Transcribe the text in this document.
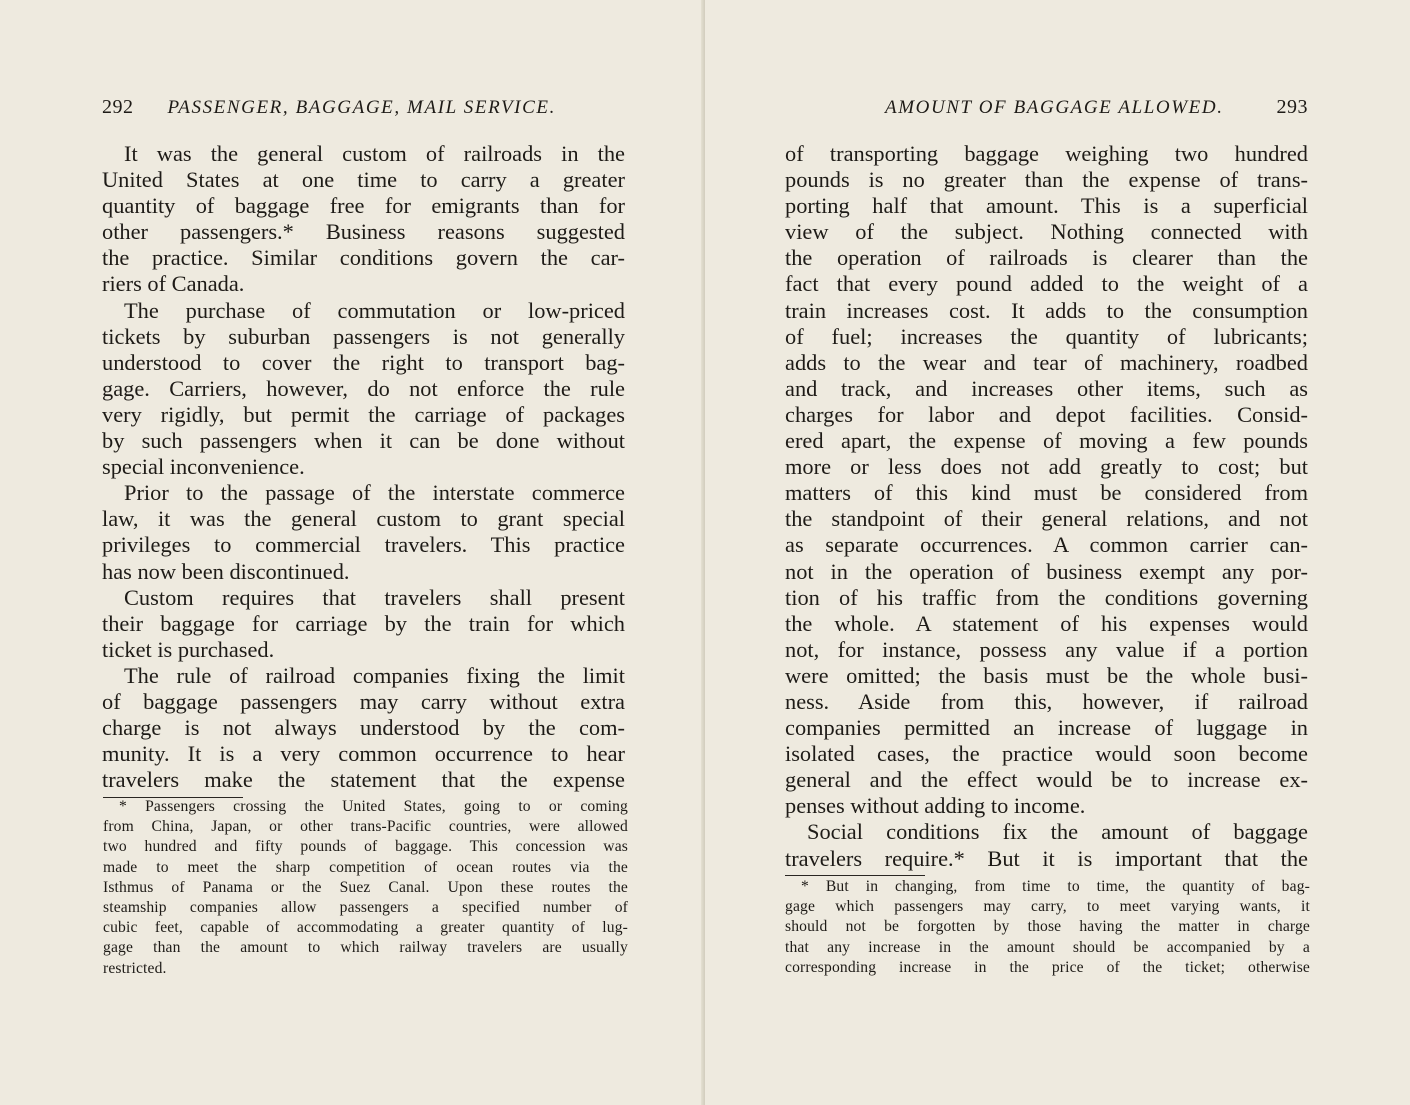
292 PASSENGER, BAGGAGE, MAIL SERVICE.
It was the general custom of railroads in the
United States at one time to carry a greater
quantity of baggage free for emigrants than for
other passengers.* Business reasons suggested
the practice. Similar conditions govern the car-
riers of Canada.
The purchase of commutation or low-priced
tickets by suburban passengers is not generally
understood to cover the right to transport bag-
gage. Carriers, however, do not enforce the rule
very rigidly, but permit the carriage of packages
by such passengers when it can be done without
special inconvenience.
Prior to the passage of the interstate commerce
law, it was the general custom to grant special
privileges to commercial travelers. This practice
has now been discontinued.
Custom requires that travelers shall present
their baggage for carriage by the train for which
ticket is purchased.
The rule of railroad companies fixing the limit
of baggage passengers may carry without extra
charge is not always understood by the com-
munity. It is a very common occurrence to hear
travelers make the statement that the expense
* Passengers crossing the United States, going to or coming
from China, Japan, or other trans-Pacific countries, were allowed
two hundred and fifty pounds of baggage. This concession was
made to meet the sharp competition of ocean routes via the
Isthmus of Panama or the Suez Canal. Upon these routes the
steamship companies allow passengers a specified number of
cubic feet, capable of accommodating a greater quantity of lug-
gage than the amount to which railway travelers are usually
restricted.
AMOUNT OF BAGGAGE ALLOWED.	293
of transporting baggage weighing two hundred
pounds is no greater than the expense of trans-
porting half that amount. This is a superficial
view of the subject. Nothing connected with
the operation of railroads is clearer than the
fact that every pound added to the weight of a
train increases cost. It adds to the consumption
of fuel; increases the quantity of lubricants;
adds to the wear and tear of machinery, roadbed
and track, and increases other items, such as
charges for labor and depot facilities. Consid-
ered apart, the expense of moving a few pounds
more or less does not add greatly to cost; but
matters of this kind must be considered from
the standpoint of their general relations, and not
as separate occurrences. A common carrier can-
not in the operation of business exempt any por-
tion of his traffic from the conditions governing
the whole. A statement of his expenses would
not, for instance, possess any value if a portion
were omitted; the basis must be the whole busi-
ness. Aside from this, however, if railroad
companies permitted an increase of luggage in
isolated cases, the practice would soon become
general and the effect would be to increase ex-
penses without adding to income.
Social conditions fix the amount of baggage
travelers require.* But it is important that the
* But in changing, from time to time, the quantity of bag-
gage which passengers may carry, to meet varying wants, it
should not be forgotten by those having the matter in charge
that any increase in the amount should be accompanied by a
corresponding increase in the price of the ticket; otherwise
